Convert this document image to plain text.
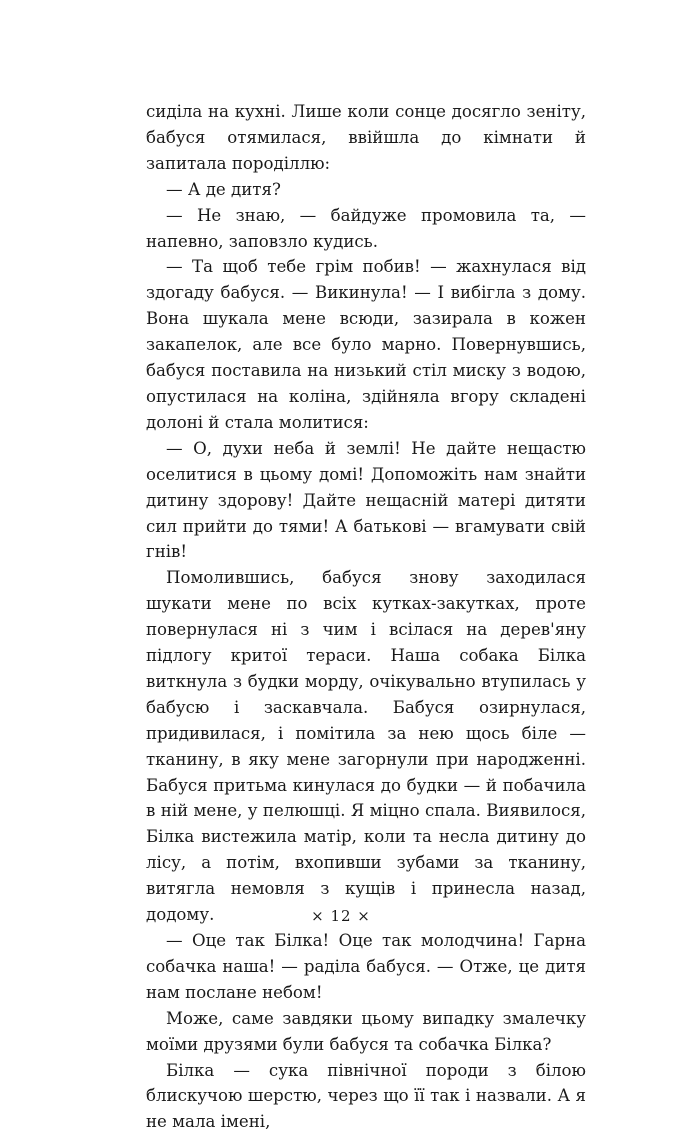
сидiла на кухнi. Лише коли сонце досягло зенiту, бабуся отямилася, ввiйшла до кiмнати й запитала породiллю:

— А де дитя?

— Не знаю, — байдуже промовила та, — напевно, заповзло кудись.

— Та щоб тебе грiм побив! — жахнулася вiд здогаду бабуся. — Викинула! — I вибiгла з дому. Вона шукала мене всюди, зазирала в кожен закапелок, але все було марно. Повернувшись, бабуся поставила на низький стiл миску з водою, опустилася на колiна, здiйняла вгору складенi долонi й стала молитися:

— О, духи неба й землi! Не дайте нещастю оселитися в цьому домi! Допоможiть нам знайти дитину здорову! Дайте нещаснiй матерi дитяти сил прийти до тями! А батьковi — вгамувати свiй гнiв!

Помолившись, бабуся знову заходилася шукати мене по всiх кутках-закутках, проте повернулася нi з чим i всiлася на дерев'яну пiдлогу критої тераси. Наша собака Бiлка виткнула з будки морду, очiкувально втупилась у бабусю i заскавчала. Бабуся озирнулася, придивилася, i помiтила за нею щось бiле — тканину, в яку мене загорнули при народженнi. Бабуся притьма кинулася до будки — й побачила в нiй мене, у пелюшцi. Я мiцно спала. Виявилося, Бiлка вистежила матiр, коли та несла дитину до лiсу, а потiм, вхопивши зубами за тканину, витягла немовля з кущiв i принесла назад, додому.

— Оце так Бiлка! Оце так молодчина! Гарна собачка наша! — радiла бабуся. — Отже, це дитя нам послане небом!

Може, саме завдяки цьому випадку змалечку моїми друзями були бабуся та собачка Бiлка?

Бiлка — сука пiвнiчної породи з бiлою блискучою шерстю, через що її так i назвали. А я не мала iменi,

× 12 ×
